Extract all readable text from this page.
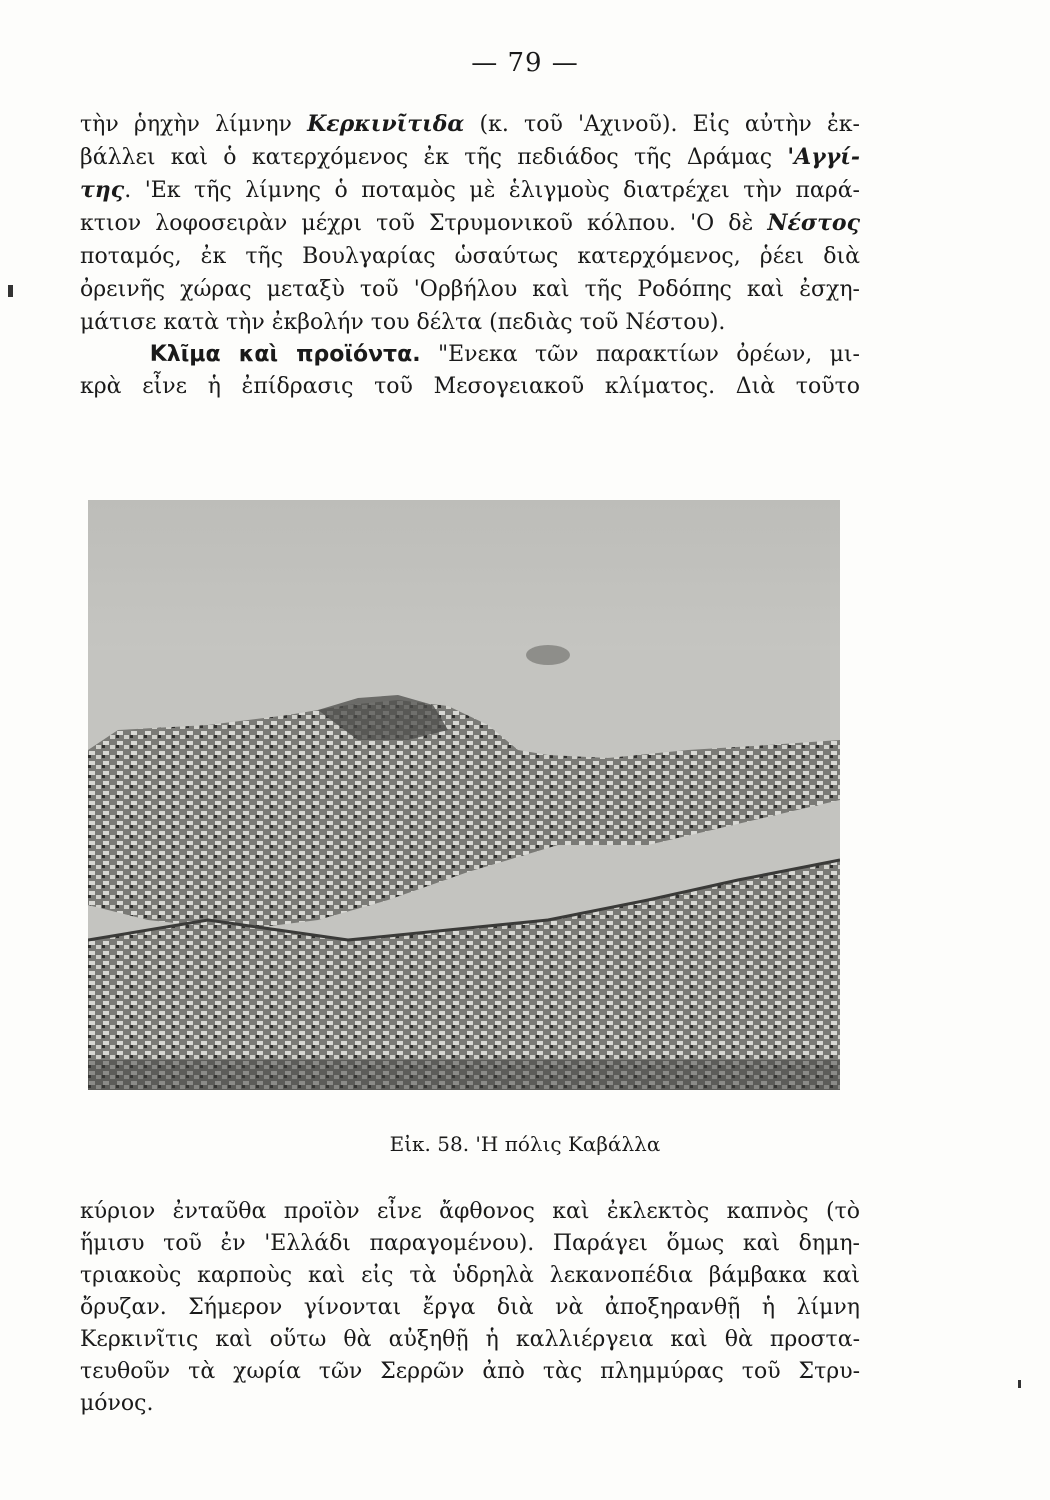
— 79 —
τὴν ῥηχὴν λίμνην Κερκινῖτιδα (κ. τοῦ 'Αχινοῦ). Εἰς αὐτὴν ἐκ-
βάλλει καὶ ὁ κατερχόμενος ἐκ τῆς πεδιάδος τῆς Δράμας 'Αγγί-
της. 'Εκ τῆς λίμνης ὁ ποταμὸς μὲ ἑλιγμοὺς διατρέχει τὴν παρά-
κτιον λοφοσειρὰν μέχρι τοῦ Στρυμονικοῦ κόλπου. 'Ο δὲ Νέστος
ποταμός, ἐκ τῆς Βουλγαρίας ὡσαύτως κατερχόμενος, ῥέει διὰ
ὀρεινῆς χώρας μεταξὺ τοῦ 'Ορβήλου καὶ τῆς Ροδόπης καὶ ἐσχη-
μάτισε κατὰ τὴν ἐκβολήν του δέλτα (πεδιὰς τοῦ Νέστου).
Κλῖμα καὶ προϊόντα. "Ενεκα τῶν παρακτίων ὀρέων, μι-
κρὰ εἶνε ἡ ἐπίδρασις τοῦ Μεσογειακοῦ κλίματος. Διὰ τοῦτο
Εἰκ. 58. 'Η πόλις Καβάλλα
κύριον ἐνταῦθα προϊὸν εἶνε ἄφθονος καὶ ἐκλεκτὸς καπνὸς (τὸ
ἥμισυ τοῦ ἐν 'Ελλάδι παραγομένου). Παράγει ὅμως καὶ δημη-
τριακοὺς καρποὺς καὶ εἰς τὰ ὑδρηλὰ λεκανοπέδια βάμβακα καὶ
ὄρυζαν. Σήμερον γίνονται ἔργα διὰ νὰ ἀποξηρανθῇ ἡ λίμνη
Κερκινῖτις καὶ οὕτω θὰ αὐξηθῇ ἡ καλλιέργεια καὶ θὰ προστα-
τευθοῦν τὰ χωρία τῶν Σερρῶν ἀπὸ τὰς πλημμύρας τοῦ Στρυ-
μόνος.
